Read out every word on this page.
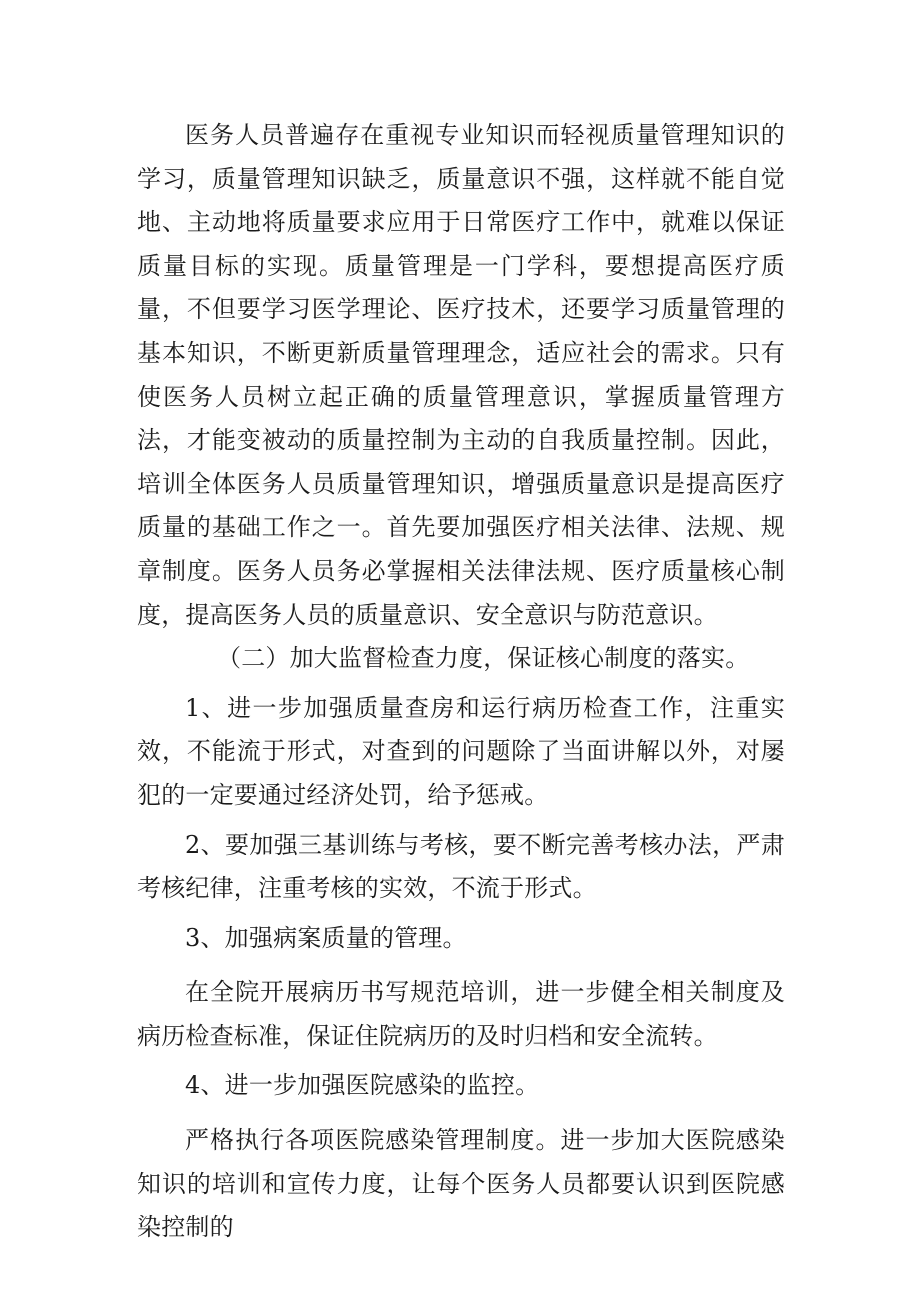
医务人员普遍存在重视专业知识而轻视质量管理知识的学习，质量管理知识缺乏，质量意识不强，这样就不能自觉地、主动地将质量要求应用于日常医疗工作中，就难以保证质量目标的实现。质量管理是一门学科，要想提高医疗质量，不但要学习医学理论、医疗技术，还要学习质量管理的基本知识，不断更新质量管理理念，适应社会的需求。只有使医务人员树立起正确的质量管理意识，掌握质量管理方法，才能变被动的质量控制为主动的自我质量控制。因此，培训全体医务人员质量管理知识，增强质量意识是提高医疗质量的基础工作之一。首先要加强医疗相关法律、法规、规章制度。医务人员务必掌握相关法律法规、医疗质量核心制度，提高医务人员的质量意识、安全意识与防范意识。

（二）加大监督检查力度，保证核心制度的落实。

1、进一步加强质量查房和运行病历检查工作，注重实效，不能流于形式，对查到的问题除了当面讲解以外，对屡犯的一定要通过经济处罚，给予惩戒。

2、要加强三基训练与考核，要不断完善考核办法，严肃考核纪律，注重考核的实效，不流于形式。

3、加强病案质量的管理。

在全院开展病历书写规范培训，进一步健全相关制度及病历检查标准，保证住院病历的及时归档和安全流转。

4、进一步加强医院感染的监控。

严格执行各项医院感染管理制度。进一步加大医院感染知识的培训和宣传力度，让每个医务人员都要认识到医院感染控制的
